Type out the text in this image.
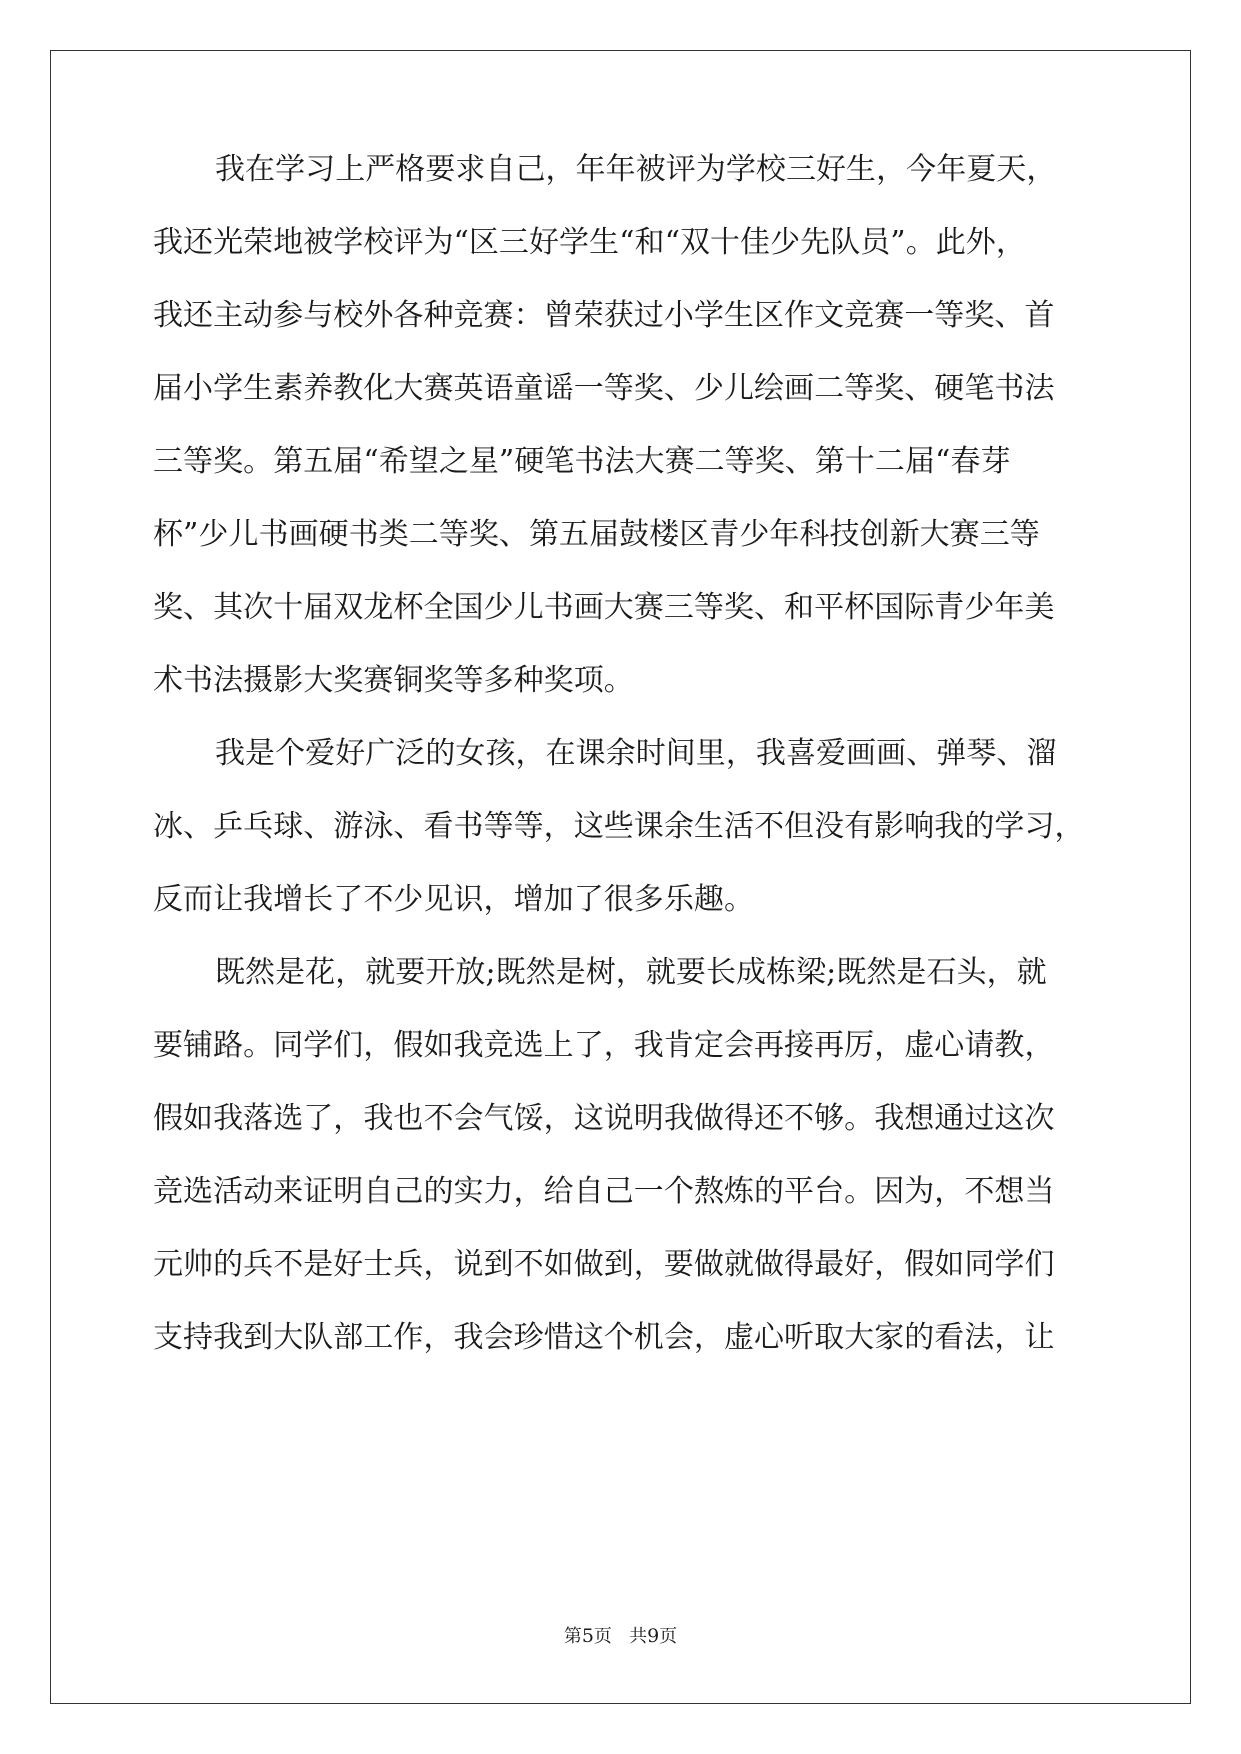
我在学习上严格要求自己，年年被评为学校三好生，今年夏天，
我还光荣地被学校评为“区三好学生“和“双十佳少先队员”。此外，
我还主动参与校外各种竞赛：曾荣获过小学生区作文竞赛一等奖、首
届小学生素养教化大赛英语童谣一等奖、少儿绘画二等奖、硬笔书法
三等奖。第五届“希望之星”硬笔书法大赛二等奖、第十二届“春芽
杯”少儿书画硬书类二等奖、第五届鼓楼区青少年科技创新大赛三等
奖、其次十届双龙杯全国少儿书画大赛三等奖、和平杯国际青少年美
术书法摄影大奖赛铜奖等多种奖项。
我是个爱好广泛的女孩，在课余时间里，我喜爱画画、弹琴、溜
冰、乒乓球、游泳、看书等等，这些课余生活不但没有影响我的学习，
反而让我增长了不少见识，增加了很多乐趣。
既然是花，就要开放;既然是树，就要长成栋梁;既然是石头，就
要铺路。同学们，假如我竞选上了，我肯定会再接再厉，虚心请教，
假如我落选了，我也不会气馁，这说明我做得还不够。我想通过这次
竞选活动来证明自己的实力，给自己一个熬炼的平台。因为，不想当
元帅的兵不是好士兵，说到不如做到，要做就做得最好，假如同学们
支持我到大队部工作，我会珍惜这个机会，虚心听取大家的看法，让
第5页 共9页
